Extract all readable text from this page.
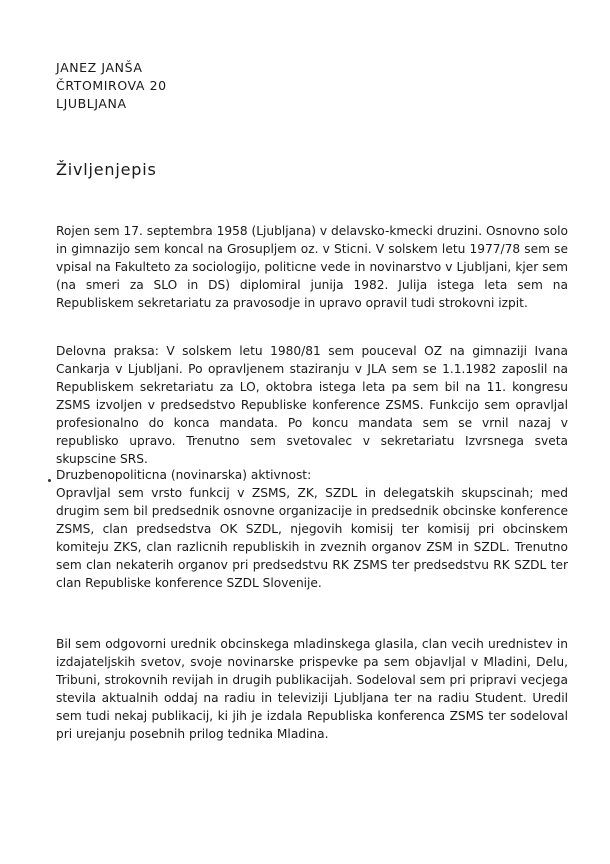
JANEZ JANŠA
ČRTOMIROVA 20
LJUBLJANA
Življenjepis
Rojen sem 17. septembra 1958 (Ljubljana) v delavsko-kmecki druzini. Osnovno solo in gimnazijo sem koncal na Grosupljem oz. v Sticni. V solskem letu 1977/78 sem se vpisal na Fakulteto za sociologijo, politicne vede in novinarstvo v Ljubljani, kjer sem (na smeri za SLO in DS) diplomiral junija 1982. Julija istega leta sem na Republiskem sekretariatu za pravosodje in upravo opravil tudi strokovni izpit.
Delovna praksa: V solskem letu 1980/81 sem pouceval OZ na gimnaziji Ivana Cankarja v Ljubljani. Po opravljenem staziranju v JLA sem se 1.1.1982 zaposlil na Republiskem sekretariatu za LO, oktobra istega leta pa sem bil na 11. kongresu ZSMS izvoljen v predsedstvo Republiske konference ZSMS. Funkcijo sem opravljal profesionalno do konca mandata. Po koncu mandata sem se vrnil nazaj v republisko upravo. Trenutno sem svetovalec v sekretariatu Izvrsnega sveta skupscine SRS.
Druzbenopoliticna (novinarska) aktivnost:
Opravljal sem vrsto funkcij v ZSMS, ZK, SZDL in delegatskih skupscinah; med drugim sem bil predsednik osnovne organizacije in predsednik obcinske konference ZSMS, clan predsedstva OK SZDL, njegovih komisij ter komisij pri obcinskem komiteju ZKS, clan razlicnih republiskih in zveznih organov ZSM in SZDL. Trenutno sem clan nekaterih organov pri predsedstvu RK ZSMS ter predsedstvu RK SZDL ter clan Republiske konference SZDL Slovenije.
Bil sem odgovorni urednik obcinskega mladinskega glasila, clan vecih urednistev in izdajateljskih svetov, svoje novinarske prispevke pa sem objavljal v Mladini, Delu, Tribuni, strokovnih revijah in drugih publikacijah. Sodeloval sem pri pripravi vecjega stevila aktualnih oddaj na radiu in televiziji Ljubljana ter na radiu Student. Uredil sem tudi nekaj publikacij, ki jih je izdala Republiska konferenca ZSMS ter sodeloval pri urejanju posebnih prilog tednika Mladina.
